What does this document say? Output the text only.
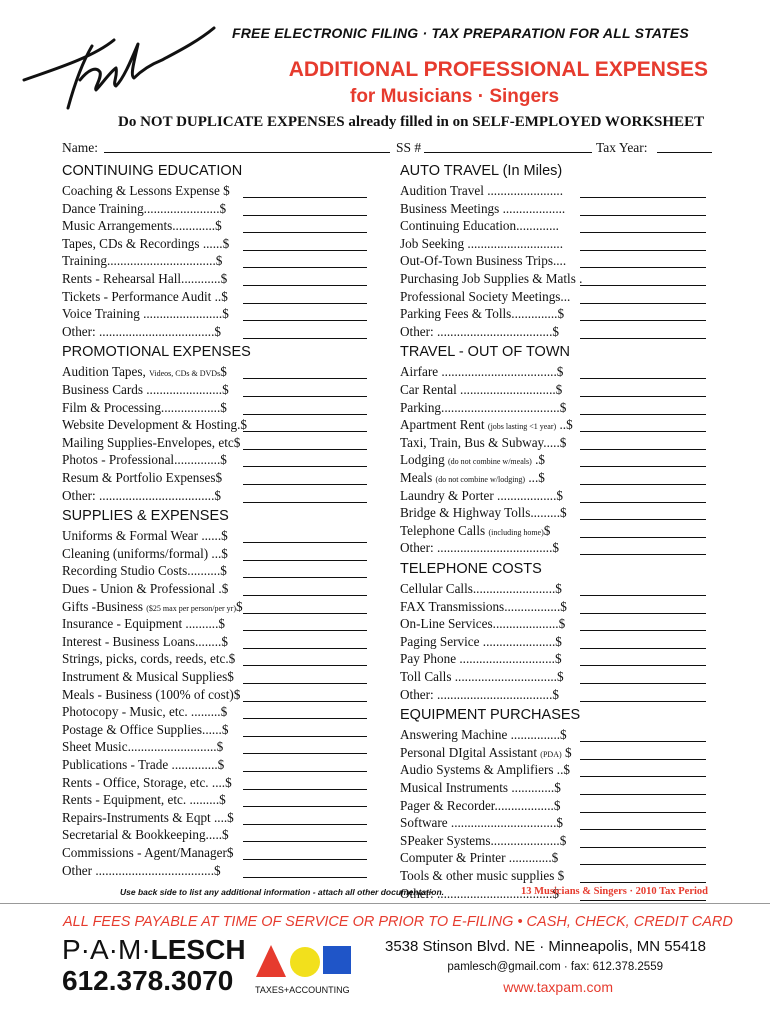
FREE ELECTRONIC FILING · TAX PREPARATION FOR ALL STATES
ADDITIONAL PROFESSIONAL EXPENSES
for Musicians · Singers
Do NOT DUPLICATE EXPENSES already filled in on SELF-EMPLOYED WORKSHEET
Name:	SS #	Tax Year:
CONTINUING EDUCATION
Coaching & Lessons Expense $
Dance Training.......................$
Music Arrangements.............$
Tapes, CDs & Recordings ......$
Training.................................$
Rents - Rehearsal Hall............$
Tickets - Performance Audit ..$
Voice Training ........................$
Other: ...................................$
PROMOTIONAL EXPENSES
Audition Tapes, Videos, CDs & DVDs$
Business Cards .......................$
Film & Processing..................$
Website Development & Hosting.$
Mailing Supplies-Envelopes, etc$
Photos - Professional..............$
Resum & Portfolio Expenses$
Other: ...................................$
SUPPLIES & EXPENSES
Uniforms & Formal Wear ......$
Cleaning (uniforms/formal) ...$
Recording Studio Costs..........$
Dues - Union & Professional .$
Gifts -Business ($25 max per person/per yr)$
Insurance - Equipment ..........$
Interest - Business Loans........$
Strings, picks, cords, reeds, etc.$
Instrument & Musical Supplies$
Meals - Business (100% of cost)$
Photocopy - Music, etc. .........$
Postage & Office Supplies......$
Sheet Music...........................$
Publications - Trade ..............$
Rents - Office, Storage, etc. ....$
Rents - Equipment, etc. .........$
Repairs-Instruments & Eqpt ....$
Secretarial & Bookkeeping.....$
Commissions - Agent/Manager$
Other ....................................$
AUTO TRAVEL (In Miles)
Audition Travel .......................
Business Meetings ...................
Continuing Education.............
Job Seeking .............................
Out-Of-Town Business Trips....
Purchasing Job Supplies & Matls .
Professional Society Meetings...
Parking Fees & Tolls..............$
Other: ...................................$
TRAVEL - OUT OF TOWN
Airfare ...................................$
Car Rental .............................$
Parking....................................$
Apartment Rent (jobs lasting <1 year) ..$
Taxi, Train, Bus & Subway.....$
Lodging (do not combine w/meals) .$
Meals (do not combine w/lodging) ...$
Laundry & Porter ..................$
Bridge & Highway Tolls.........$
Telephone Calls (including home)$
Other: ...................................$
TELEPHONE COSTS
Cellular Calls.........................$
FAX Transmissions.................$
On-Line Services....................$
Paging Service ......................$
Pay Phone .............................$
Toll Calls ...............................$
Other: ...................................$
EQUIPMENT PURCHASES
Answering Machine ...............$
Personal DIgital Assistant (PDA) $
Audio Systems & Amplifiers ..$
Musical Instruments .............$
Pager & Recorder..................$
Software ................................$
SPeaker Systems.....................$
Computer & Printer .............$
Tools & other music supplies $
Other: ...................................$
Use back side to list any additional information - attach all other documentation.	13 Musicians & Singers · 2010 Tax Period
ALL FEES PAYABLE AT TIME OF SERVICE OR PRIOR TO E-FILING • CASH, CHECK, CREDIT CARD
P·A·M·LESCH
612.378.3070 TAXES+ACCOUNTING
3538 Stinson Blvd. NE · Minneapolis, MN 55418
pamlesch@gmail.com · fax: 612.378.2559
www.taxpam.com
